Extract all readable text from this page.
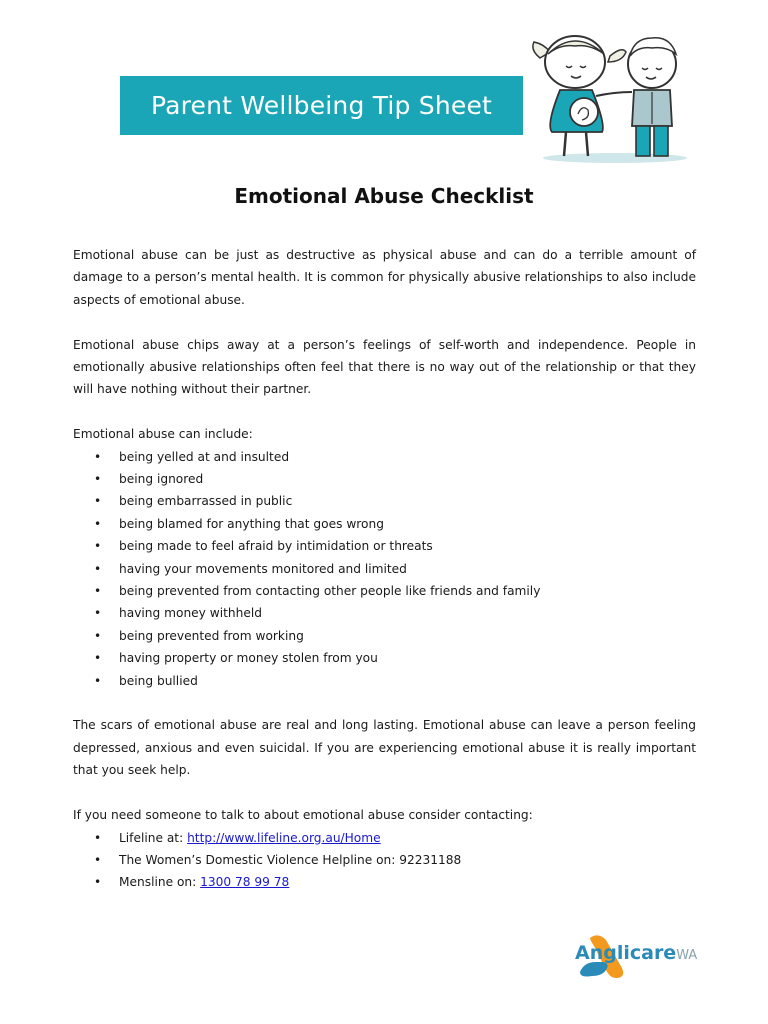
Parent Wellbeing Tip Sheet
Emotional Abuse Checklist

Emotional abuse can be just as destructive as physical abuse and can do a terrible amount of damage to a person’s mental health. It is common for physically abusive relationships to also include aspects of emotional abuse.

Emotional abuse chips away at a person’s feelings of self-worth and independence. People in emotionally abusive relationships often feel that there is no way out of the relationship or that they will have nothing without their partner.

Emotional abuse can include:

• being yelled at and insulted
• being ignored
• being embarrassed in public
• being blamed for anything that goes wrong
• being made to feel afraid by intimidation or threats
• having your movements monitored and limited
• being prevented from contacting other people like friends and family
• having money withheld
• being prevented from working
• having property or money stolen from you
• being bullied

The scars of emotional abuse are real and long lasting. Emotional abuse can leave a person feeling depressed, anxious and even suicidal. If you are experiencing emotional abuse it is really important that you seek help.

If you need someone to talk to about emotional abuse consider contacting:

• Lifeline at: http://www.lifeline.org.au/Home
• The Women’s Domestic Violence Helpline on: 92231188
• Mensline on: 1300 78 99 78
AnglicareWA
